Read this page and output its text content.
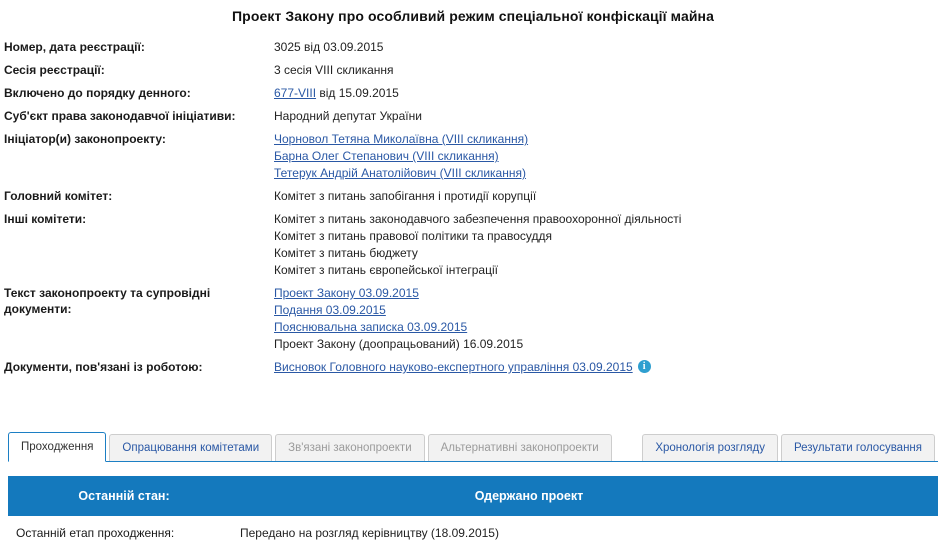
Проект Закону про особливий режим спеціальної конфіскації майна
Номер, дата реєстрації:	3025 від 03.09.2015

Сесія реєстрації:	3 сесія VIII скликання

Включено до порядку денного:	677-VIII від 15.09.2015

Суб'єкт права законодавчої ініціативи:	Народний депутат України

Ініціатор(и) законопроекту:	Чорновол Тетяна Миколаївна (VIII скликання)
Барна Олег Степанович (VIII скликання)
Тетерук Андрій Анатолійович (VIII скликання)

Головний комітет:	Комітет з питань запобігання і протидії корупції

Інші комітети:	Комітет з питань законодавчого забезпечення правоохоронної діяльності
Комітет з питань правової політики та правосуддя
Комітет з питань бюджету
Комітет з питань європейської інтеграції

Текст законопроекту та супровідні документи:	Проект Закону 03.09.2015
Подання 03.09.2015
Пояснювальна записка 03.09.2015
Проект Закону (доопрацьований) 16.09.2015

Документи, пов'язані із роботою:	Висновок Головного науково-експертного управління 03.09.2015 i
Проходження	Опрацювання комітетами	Зв'язані законопроекти	Альтернативні законопроекти	Хронологія розгляду	Результати голосування
Останній стан:	Одержано проект
Останній етап проходження:	Передано на розгляд керівництву (18.09.2015)
